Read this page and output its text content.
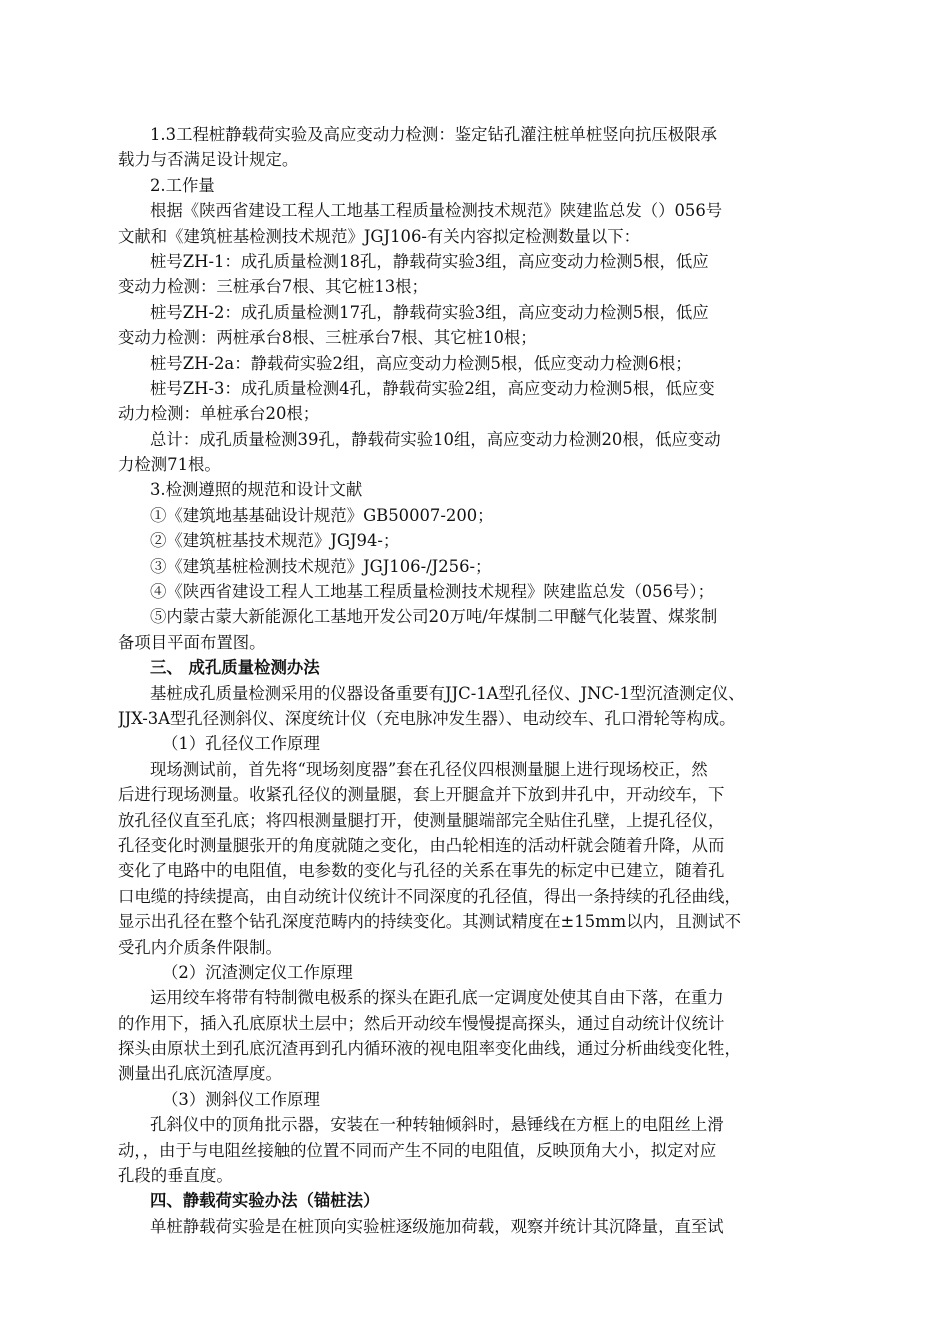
1.3工程桩静载荷实验及高应变动力检测：鉴定钻孔灌注桩单桩竖向抗压极限承
载力与否满足设计规定。
2.工作量
根据《陕西省建设工程人工地基工程质量检测技术规范》陕建监总发（）056号
文献和《建筑桩基检测技术规范》JGJ106-有关内容拟定检测数量以下：
桩号ZH-1：成孔质量检测18孔，静载荷实验3组，高应变动力检测5根，低应
变动力检测：三桩承台7根、其它桩13根；
桩号ZH-2：成孔质量检测17孔，静载荷实验3组，高应变动力检测5根，低应
变动力检测：两桩承台8根、三桩承台7根、其它桩10根；
桩号ZH-2a：静载荷实验2组，高应变动力检测5根，低应变动力检测6根；
桩号ZH-3：成孔质量检测4孔，静载荷实验2组，高应变动力检测5根，低应变
动力检测：单桩承台20根；
总计：成孔质量检测39孔，静载荷实验10组，高应变动力检测20根，低应变动
力检测71根。
3.检测遵照的规范和设计文献
①《建筑地基基础设计规范》GB50007-200；
②《建筑桩基技术规范》JGJ94-；
③《建筑基桩检测技术规范》JGJ106-/J256-；
④《陕西省建设工程人工地基工程质量检测技术规程》陕建监总发（056号）；
⑤内蒙古蒙大新能源化工基地开发公司20万吨/年煤制二甲醚气化装置、煤浆制
备项目平面布置图。
三、 成孔质量检测办法
基桩成孔质量检测采用的仪器设备重要有JJC-1A型孔径仪、JNC-1型沉渣测定仪、
JJX-3A型孔径测斜仪、深度统计仪（充电脉冲发生器）、电动绞车、孔口滑轮等构成。
（1）孔径仪工作原理
现场测试前，首先将“现场刻度器”套在孔径仪四根测量腿上进行现场校正，然
后进行现场测量。收紧孔径仪的测量腿，套上开腿盒并下放到井孔中，开动绞车，下
放孔径仪直至孔底；将四根测量腿打开，使测量腿端部完全贴住孔壁，上提孔径仪，
孔径变化时测量腿张开的角度就随之变化，由凸轮相连的活动杆就会随着升降，从而
变化了电路中的电阻值，电参数的变化与孔径的关系在事先的标定中已建立，随着孔
口电缆的持续提高，由自动统计仪统计不同深度的孔径值，得出一条持续的孔径曲线，
显示出孔径在整个钻孔深度范畴内的持续变化。其测试精度在±15mm以内，且测试不
受孔内介质条件限制。
（2）沉渣测定仪工作原理
运用绞车将带有特制微电极系的探头在距孔底一定调度处使其自由下落，在重力
的作用下，插入孔底原状土层中；然后开动绞车慢慢提高探头，通过自动统计仪统计
探头由原状土到孔底沉渣再到孔内循环液的视电阻率变化曲线，通过分析曲线变化牲，
测量出孔底沉渣厚度。
（3）测斜仪工作原理
孔斜仪中的顶角批示器，安装在一种转轴倾斜时，悬锤线在方框上的电阻丝上滑
动，，由于与电阻丝接触的位置不同而产生不同的电阻值，反映顶角大小，拟定对应
孔段的垂直度。
四、静载荷实验办法（锚桩法）
单桩静载荷实验是在桩顶向实验桩逐级施加荷载，观察并统计其沉降量，直至试
